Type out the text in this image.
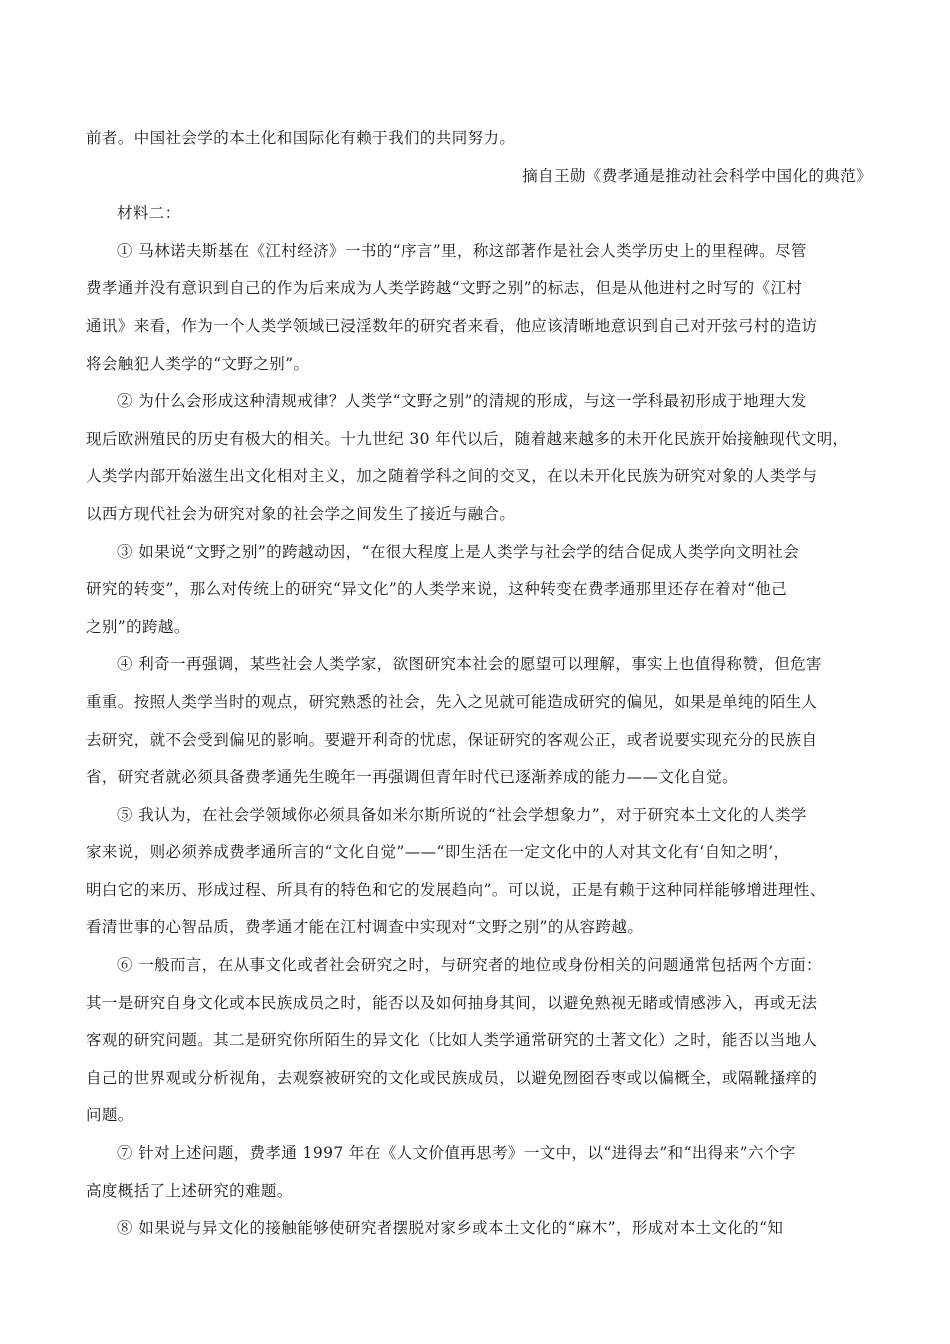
前者。中国社会学的本土化和国际化有赖于我们的共同努力。
摘自王勋《费孝通是推动社会科学中国化的典范》
材料二：
① 马林诺夫斯基在《江村经济》一书的“序言”里，称这部著作是社会人类学历史上的里程碑。尽管
费孝通并没有意识到自己的作为后来成为人类学跨越“文野之别”的标志，但是从他进村之时写的《江村
通讯》来看，作为一个人类学领域已浸淫数年的研究者来看，他应该清晰地意识到自己对开弦弓村的造访
将会触犯人类学的“文野之别”。
② 为什么会形成这种清规戒律？人类学“文野之别”的清规的形成，与这一学科最初形成于地理大发
现后欧洲殖民的历史有极大的相关。十九世纪 30 年代以后，随着越来越多的未开化民族开始接触现代文明，
人类学内部开始滋生出文化相对主义，加之随着学科之间的交叉，在以未开化民族为研究对象的人类学与
以西方现代社会为研究对象的社会学之间发生了接近与融合。
③ 如果说“文野之别”的跨越动因，“在很大程度上是人类学与社会学的结合促成人类学向文明社会
研究的转变”，那么对传统上的研究“异文化”的人类学来说，这种转变在费孝通那里还存在着对“他己
之别”的跨越。
④ 利奇一再强调，某些社会人类学家，欲图研究本社会的愿望可以理解，事实上也值得称赞，但危害
重重。按照人类学当时的观点，研究熟悉的社会，先入之见就可能造成研究的偏见，如果是单纯的陌生人
去研究，就不会受到偏见的影响。要避开利奇的忧虑，保证研究的客观公正，或者说要实现充分的民族自
省，研究者就必须具备费孝通先生晚年一再强调但青年时代已逐渐养成的能力——文化自觉。
⑤ 我认为，在社会学领域你必须具备如米尔斯所说的“社会学想象力”，对于研究本土文化的人类学
家来说，则必须养成费孝通所言的“文化自觉”——“即生活在一定文化中的人对其文化有‘自知之明’，
明白它的来历、形成过程、所具有的特色和它的发展趋向”。可以说，正是有赖于这种同样能够增进理性、
看清世事的心智品质，费孝通才能在江村调查中实现对“文野之别”的从容跨越。
⑥ 一般而言，在从事文化或者社会研究之时，与研究者的地位或身份相关的问题通常包括两个方面：
其一是研究自身文化或本民族成员之时，能否以及如何抽身其间，以避免熟视无睹或情感涉入，再或无法
客观的研究问题。其二是研究你所陌生的异文化（比如人类学通常研究的土著文化）之时，能否以当地人
自己的世界观或分析视角，去观察被研究的文化或民族成员，以避免囫囵吞枣或以偏概全，或隔靴搔痒的
问题。
⑦ 针对上述问题，费孝通 1997 年在《人文价值再思考》一文中，以“进得去”和“出得来”六个字
高度概括了上述研究的难题。
⑧ 如果说与异文化的接触能够使研究者摆脱对家乡或本土文化的“麻木”，形成对本土文化的“知
